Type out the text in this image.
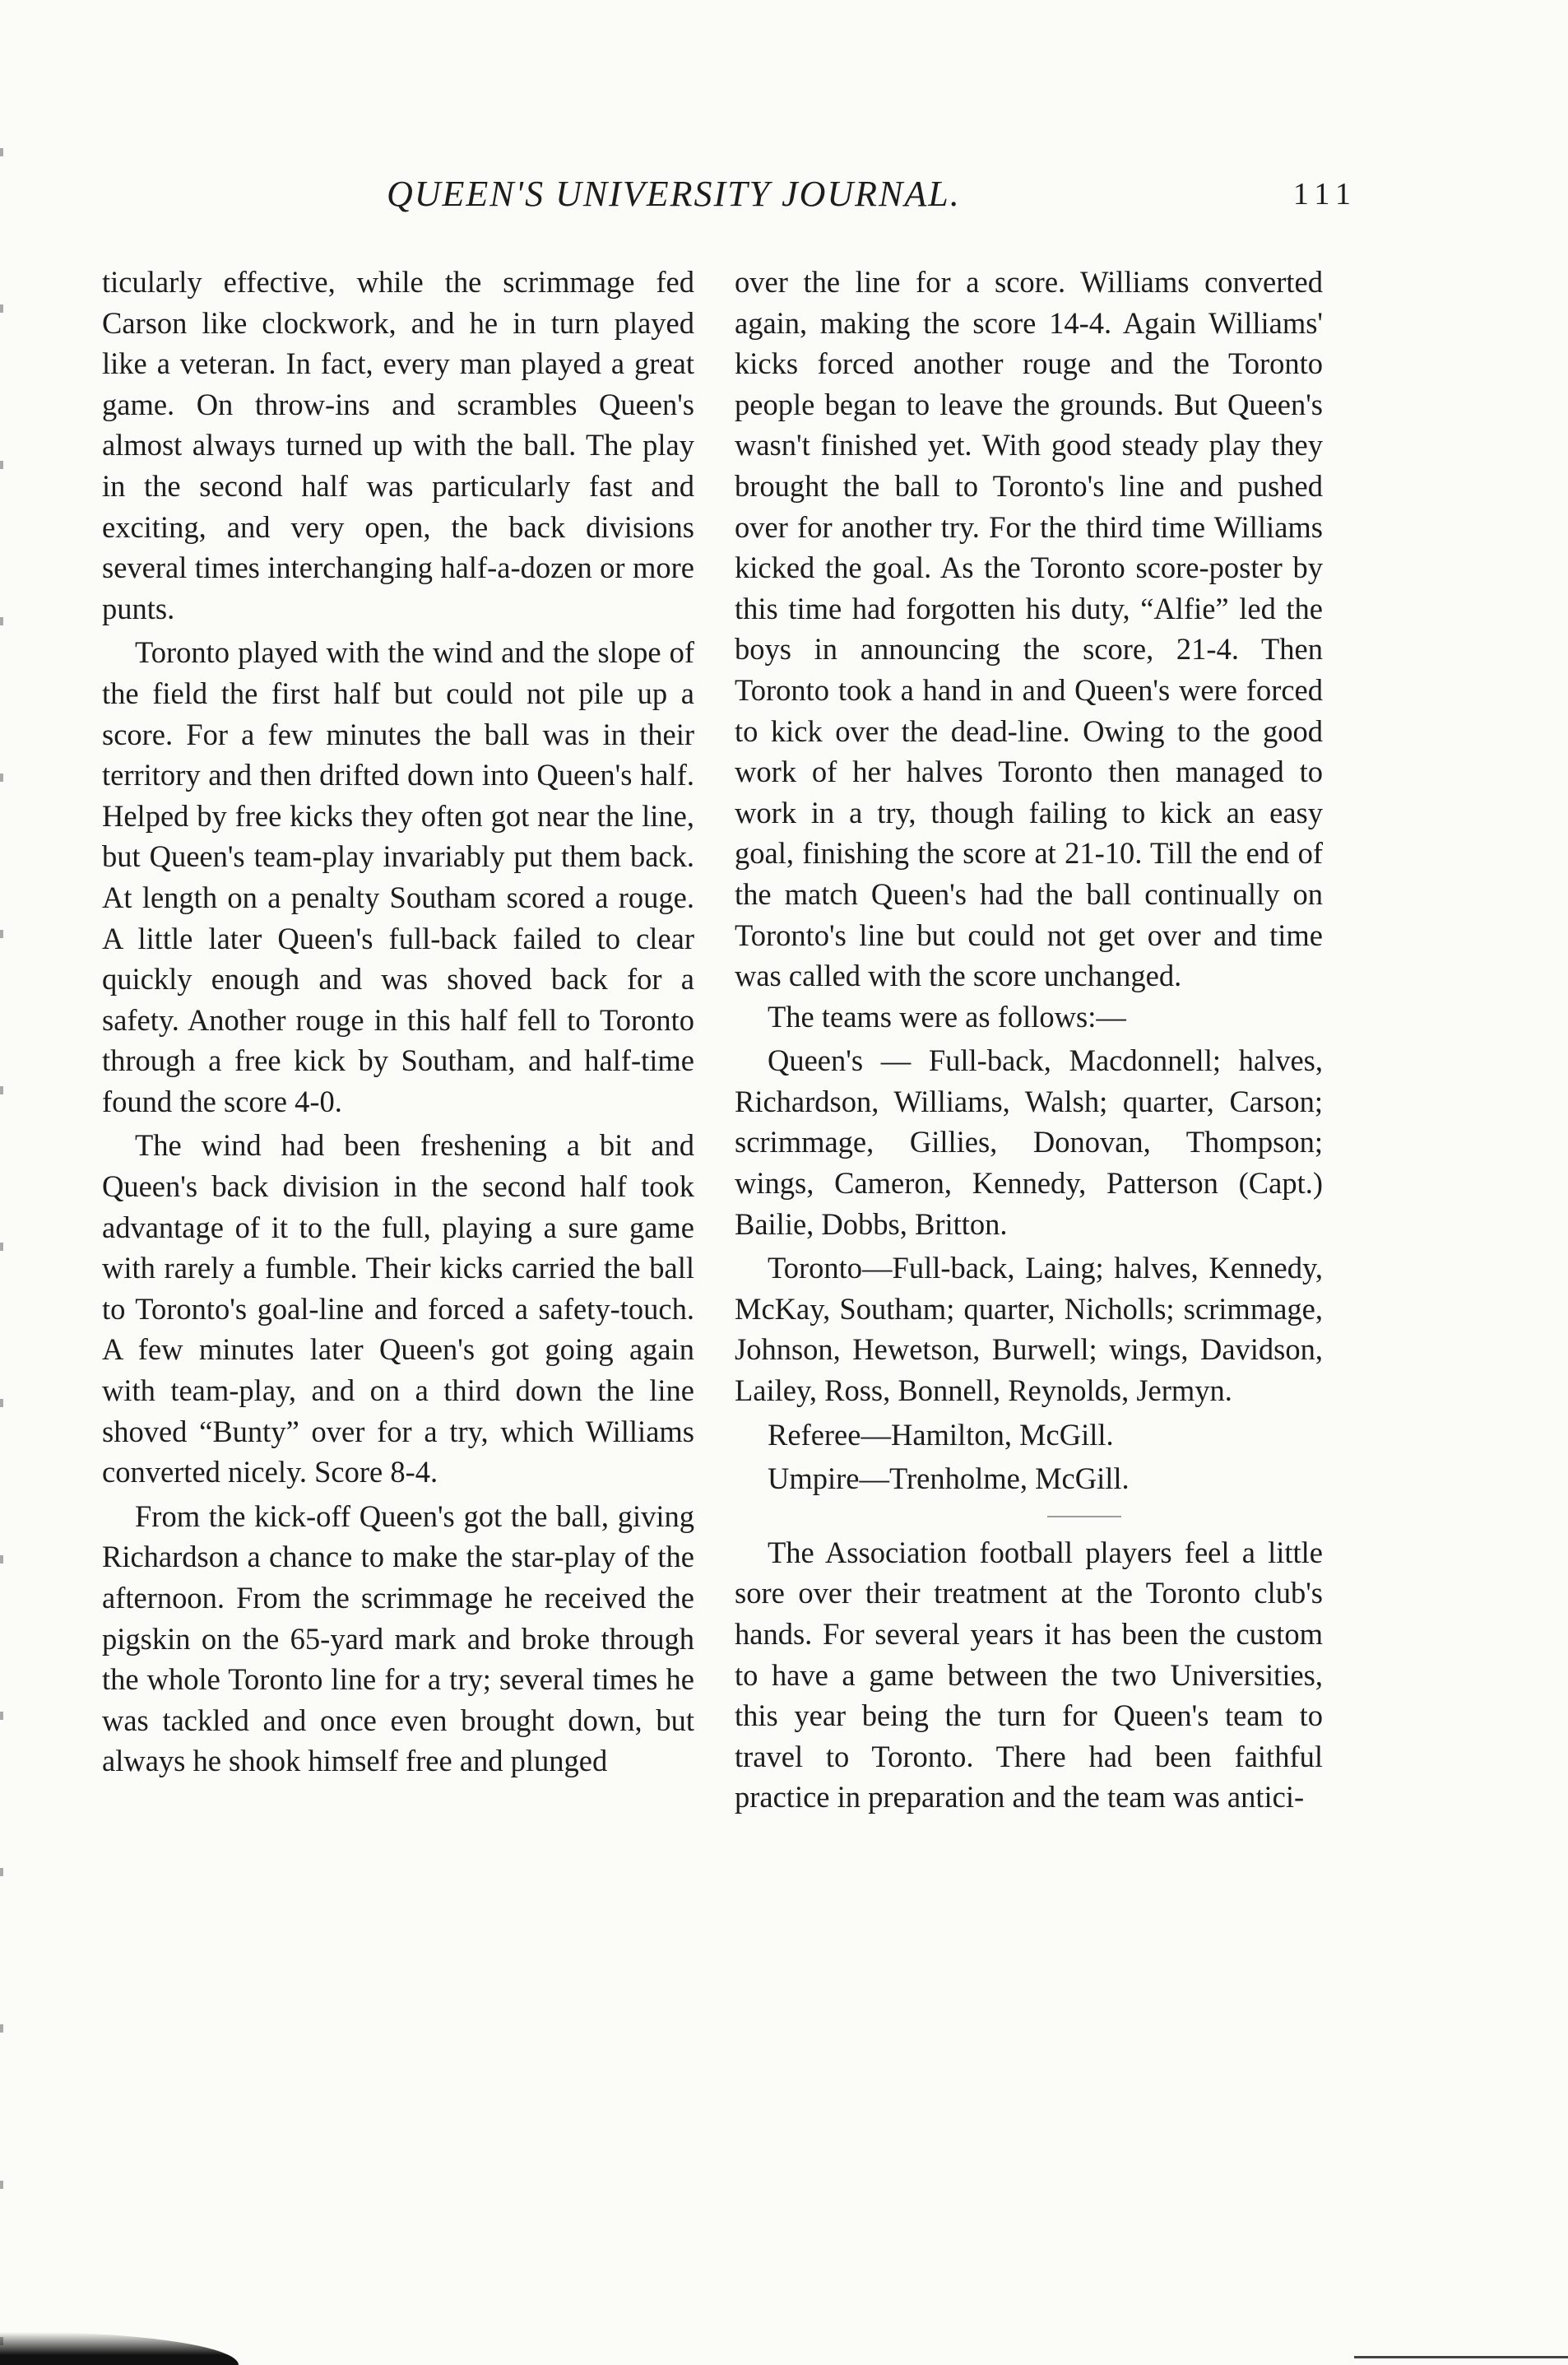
QUEEN'S UNIVERSITY JOURNAL.	111

ticularly effective, while the scrimmage fed Carson like clockwork, and he in turn played like a veteran. In fact, every man played a great game. On throw-ins and scrambles Queen's almost always turned up with the ball. The play in the second half was particularly fast and exciting, and very open, the back divisions several times interchanging half-a-dozen or more punts.

Toronto played with the wind and the slope of the field the first half but could not pile up a score. For a few minutes the ball was in their territory and then drifted down into Queen's half. Helped by free kicks they often got near the line, but Queen's team-play invariably put them back. At length on a penalty Southam scored a rouge. A little later Queen's full-back failed to clear quickly enough and was shoved back for a safety. Another rouge in this half fell to Toronto through a free kick by Southam, and half-time found the score 4-0.

The wind had been freshening a bit and Queen's back division in the second half took advantage of it to the full, playing a sure game with rarely a fumble. Their kicks carried the ball to Toronto's goal-line and forced a safety-touch. A few minutes later Queen's got going again with team-play, and on a third down the line shoved “Bunty” over for a try, which Williams converted nicely. Score 8-4.

From the kick-off Queen's got the ball, giving Richardson a chance to make the star-play of the afternoon. From the scrimmage he received the pigskin on the 65-yard mark and broke through the whole Toronto line for a try; several times he was tackled and once even brought down, but always he shook himself free and plunged

over the line for a score. Williams converted again, making the score 14-4. Again Williams' kicks forced another rouge and the Toronto people began to leave the grounds. But Queen's wasn't finished yet. With good steady play they brought the ball to Toronto's line and pushed over for another try. For the third time Williams kicked the goal. As the Toronto score-poster by this time had forgotten his duty, “Alfie” led the boys in announcing the score, 21-4. Then Toronto took a hand in and Queen's were forced to kick over the dead-line. Owing to the good work of her halves Toronto then managed to work in a try, though failing to kick an easy goal, finishing the score at 21-10. Till the end of the match Queen's had the ball continually on Toronto's line but could not get over and time was called with the score unchanged.

The teams were as follows:—

Queen's — Full-back, Macdonnell; halves, Richardson, Williams, Walsh; quarter, Carson; scrimmage, Gillies, Donovan, Thompson; wings, Cameron, Kennedy, Patterson (Capt.) Bailie, Dobbs, Britton.

Toronto—Full-back, Laing; halves, Kennedy, McKay, Southam; quarter, Nicholls; scrimmage, Johnson, Hewetson, Burwell; wings, Davidson, Lailey, Ross, Bonnell, Reynolds, Jermyn.

Referee—Hamilton, McGill.

Umpire—Trenholme, McGill.

The Association football players feel a little sore over their treatment at the Toronto club's hands. For several years it has been the custom to have a game between the two Universities, this year being the turn for Queen's team to travel to Toronto. There had been faithful practice in preparation and the team was antici-
